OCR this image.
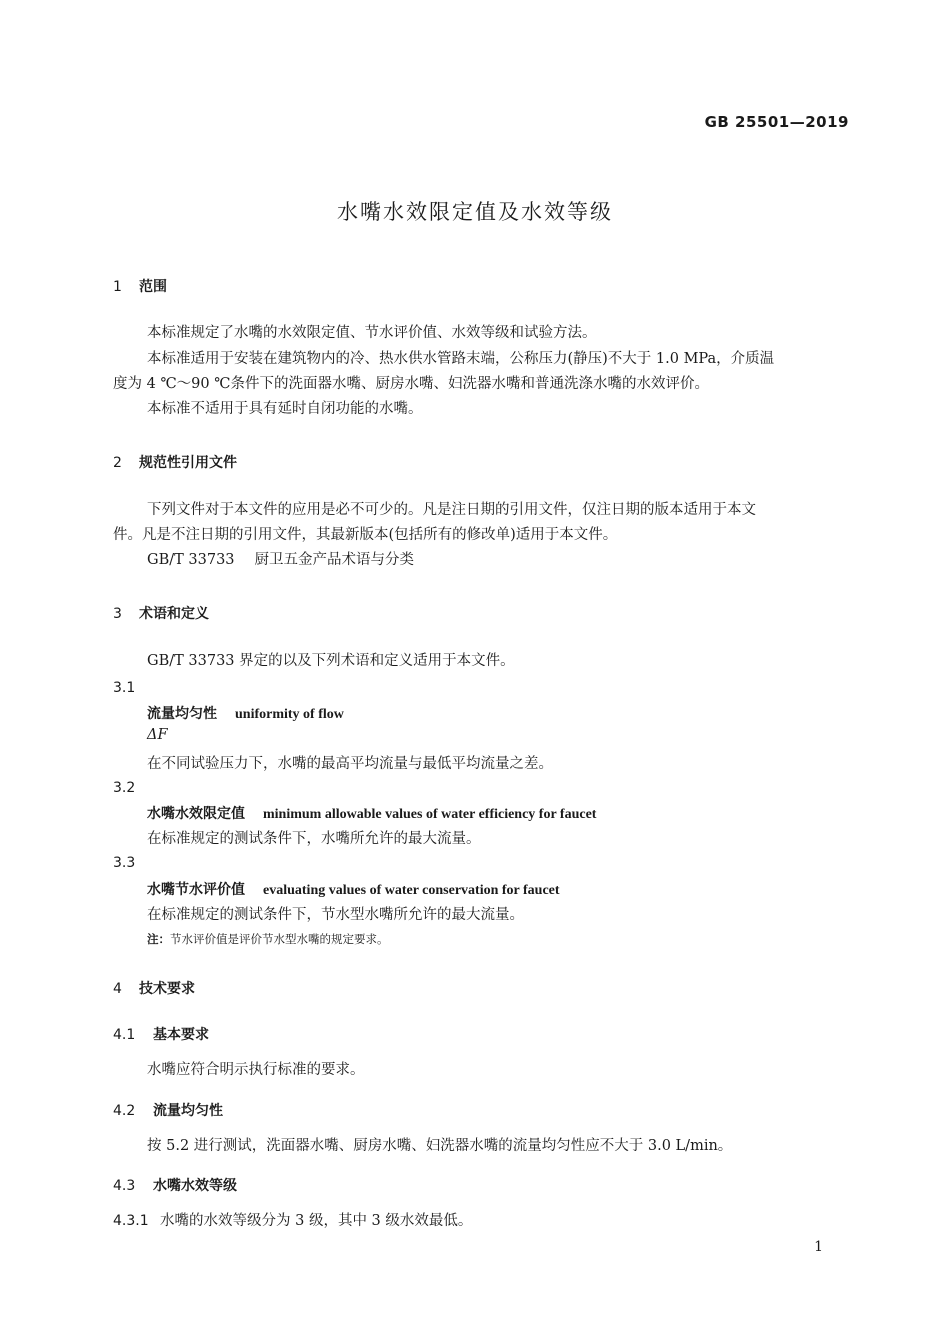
GB 25501—2019
水嘴水效限定值及水效等级
1 范围
本标准规定了水嘴的水效限定值、节水评价值、水效等级和试验方法。
本标准适用于安装在建筑物内的冷、热水供水管路末端，公称压力(静压)不大于 1.0 MPa，介质温
度为 4 ℃～90 ℃条件下的洗面器水嘴、厨房水嘴、妇洗器水嘴和普通洗涤水嘴的水效评价。
本标准不适用于具有延时自闭功能的水嘴。
2 规范性引用文件
下列文件对于本文件的应用是必不可少的。凡是注日期的引用文件，仅注日期的版本适用于本文
件。凡是不注日期的引用文件，其最新版本(包括所有的修改单)适用于本文件。
GB/T 33733 厨卫五金产品术语与分类
3 术语和定义
GB/T 33733 界定的以及下列术语和定义适用于本文件。
3.1
流量均匀性 uniformity of flow
ΔF
在不同试验压力下，水嘴的最高平均流量与最低平均流量之差。
3.2
水嘴水效限定值 minimum allowable values of water efficiency for faucet
在标准规定的测试条件下，水嘴所允许的最大流量。
3.3
水嘴节水评价值 evaluating values of water conservation for faucet
在标准规定的测试条件下，节水型水嘴所允许的最大流量。
注：节水评价值是评价节水型水嘴的规定要求。
4 技术要求
4.1 基本要求
水嘴应符合明示执行标准的要求。
4.2 流量均匀性
按 5.2 进行测试，洗面器水嘴、厨房水嘴、妇洗器水嘴的流量均匀性应不大于 3.0 L/min。
4.3 水嘴水效等级
4.3.1 水嘴的水效等级分为 3 级，其中 3 级水效最低。
1
